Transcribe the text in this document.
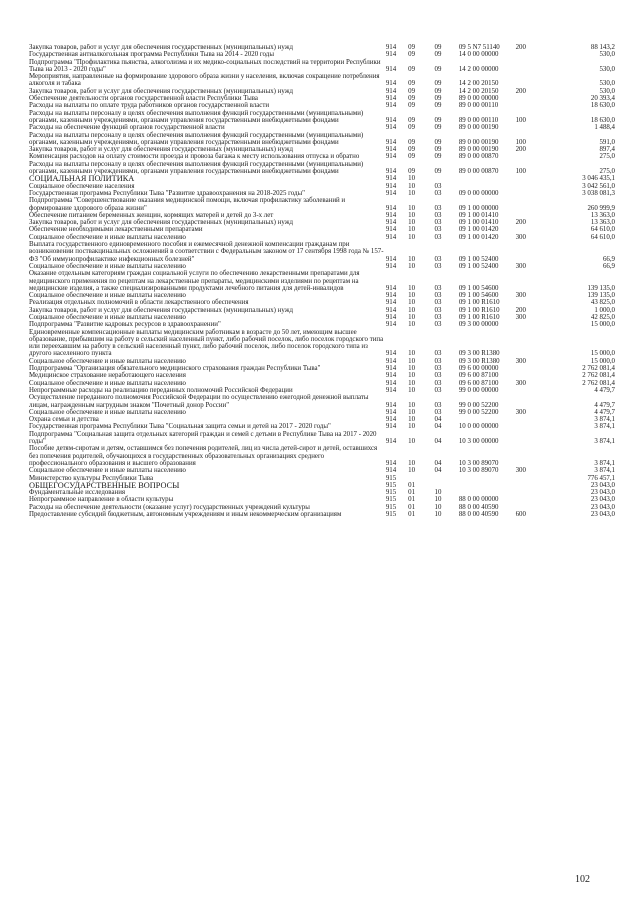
Закупка товаров, работ и услуг для обеспечения государственных (муниципальных) нужд	914	09	09	09 5 N7 51140	200	88 143,2
Государственная антиалкогольная программа Республики Тыва на 2014 - 2020 годы	914	09	09	14 0 00 00000		530,0
Подпрограмма "Профилактика пьянства, алкоголизма и их медико-социальных последствий на территории Республики Тыва на 2013 - 2020 годы"	914	09	09	14 2 00 00000		530,0
Мероприятия, направленные на формирование здорового образа жизни у населения, включая сокращение потребления алкоголя и табака	914	09	09	14 2 00 20150		530,0
Закупка товаров, работ и услуг для обеспечения государственных (муниципальных) нужд	914	09	09	14 2 00 20150	200	530,0
Обеспечение деятельности органов государственной власти Республики Тыва	914	09	09	89 0 00 00000		20 393,4
Расходы на выплаты по оплате труда работников органов государственной власти	914	09	09	89 0 00 00110		18 630,0
Расходы на выплаты персоналу в целях обеспечения выполнения функций государственными (муниципальными) органами, казенными учреждениями, органами управления государственными внебюджетными фондами	914	09	09	89 0 00 00110	100	18 630,0
Расходы на обеспечение функций органов государственной власти	914	09	09	89 0 00 00190		1 488,4
Расходы на выплаты персоналу в целях обеспечения выполнения функций государственными (муниципальными) органами, казенными учреждениями, органами управления государственными внебюджетными фондами	914	09	09	89 0 00 00190	100	591,0
Закупка товаров, работ и услуг для обеспечения государственных (муниципальных) нужд	914	09	09	89 0 00 00190	200	897,4
Компенсация расходов на оплату стоимости проезда и провоза багажа к месту использования отпуска и обратно	914	09	09	89 0 00 00870		275,0
Расходы на выплаты персоналу в целях обеспечения выполнения функций государственными (муниципальными) органами, казенными учреждениями, органами управления государственными внебюджетными фондами	914	09	09	89 0 00 00870	100	275,0
СОЦИАЛЬНАЯ ПОЛИТИКА	914	10				3 046 435,1
Социальное обеспечение населения	914	10	03			3 042 561,0
Государственная программа Республики Тыва "Развитие здравоохранения на 2018-2025 годы"	914	10	03	09 0 00 00000		3 038 081,3
Подпрограмма "Совершенствование оказания медицинской помощи, включая профилактику заболеваний и формирование здорового образа жизни"	914	10	03	09 1 00 00000		260 999,9
Обеспечение питанием беременных женщин, кормящих матерей и детей до 3-х лет	914	10	03	09 1 00 01410		13 363,0
Закупка товаров, работ и услуг для обеспечения государственных (муниципальных) нужд	914	10	03	09 1 00 01410	200	13 363,0
Обеспечение необходимыми лекарственными препаратами	914	10	03	09 1 00 01420		64 610,0
Социальное обеспечение и иные выплаты населению	914	10	03	09 1 00 01420	300	64 610,0
Выплата государственного единовременного пособия и ежемесячной денежной компенсации гражданам при возникновении поствакцинальных осложнений в соответствии с Федеральным законом от 17 сентября 1998 года № 157-ФЗ "Об иммунопрофилактике инфекционных болезней"	914	10	03	09 1 00 52400		66,9
Социальное обеспечение и иные выплаты населению	914	10	03	09 1 00 52400	300	66,9
Оказание отдельным категориям граждан социальной услуги по обеспечению лекарственными препаратами для медицинского применения по рецептам на лекарственные препараты, медицинскими изделиями по рецептам на медицинские изделия, а также специализированными продуктами лечебного питания для детей-инвалидов	914	10	03	09 1 00 54600		139 135,0
Социальное обеспечение и иные выплаты населению	914	10	03	09 1 00 54600	300	139 135,0
Реализация отдельных полномочий в области лекарственного обеспечения	914	10	03	09 1 00 R1610		43 825,0
Закупка товаров, работ и услуг для обеспечения государственных (муниципальных) нужд	914	10	03	09 1 00 R1610	200	1 000,0
Социальное обеспечение и иные выплаты населению	914	10	03	09 1 00 R1610	300	42 825,0
Подпрограмма "Развитие кадровых ресурсов в здравоохранении"	914	10	03	09 3 00 00000		15 000,0
Единовременные компенсационные выплаты медицинским работникам в возрасте до 50 лет, имеющим высшее образование, прибывшим на работу в сельский населенный пункт, либо рабочий поселок, либо поселок городского типа или переехавшим на работу в сельский населенный пункт, либо рабочий поселок, либо поселок городского типа из другого населенного пункта	914	10	03	09 3 00 R1380		15 000,0
Социальное обеспечение и иные выплаты населению	914	10	03	09 3 00 R1380	300	15 000,0
Подпрограмма "Организация обязательного медицинского страхования граждан Республики Тыва"	914	10	03	09 6 00 00000		2 762 081,4
Медицинское страхование неработающего населения	914	10	03	09 6 00 87100		2 762 081,4
Социальное обеспечение и иные выплаты населению	914	10	03	09 6 00 87100	300	2 762 081,4
Непрограммные расходы на реализацию переданных полномочий Российской Федерации	914	10	03	99 0 00 00000		4 479,7
Осуществление переданного полномочия Российской Федерации по осуществлению ежегодной денежной выплаты лицам, награжденным нагрудным знаком "Почетный донор России"	914	10	03	99 0 00 52200		4 479,7
Социальное обеспечение и иные выплаты населению	914	10	03	99 0 00 52200	300	4 479,7
Охрана семьи и детства	914	10	04			3 874,1
Государственная программа Республики Тыва "Социальная защита семьи и детей на 2017 - 2020 годы"	914	10	04	10 0 00 00000		3 874,1
Подпрограмма "Социальная защита отдельных категорий граждан и семей с детьми в Республике Тыва на 2017 - 2020 годы"	914	10	04	10 3 00 00000		3 874,1
Пособие детям-сиротам и детям, оставшимся без попечения родителей, лиц из числа детей-сирот и детей, оставшихся без попечения родителей, обучающихся в государственных образовательных организациях среднего профессионального образования и высшего образования	914	10	04	10 3 00 89070		3 874,1
Социальное обеспечение и иные выплаты населению	914	10	04	10 3 00 89070	300	3 874,1
Министерство культуры Республики Тыва	915					776 457,1
ОБЩЕГОСУДАРСТВЕННЫЕ ВОПРОСЫ	915	01				23 043,0
Фундаментальные исследования	915	01	10			23 043,0
Непрограммное направление в области культуры	915	01	10	88 0 00 00000		23 043,0
Расходы на обеспечение деятельности (оказание услуг) государственных учреждений культуры	915	01	10	88 0 00 40590		23 043,0
Предоставление субсидий бюджетным, автономным учреждениям и иным некоммерческим организациям	915	01	10	88 0 00 40590	600	23 043,0
102
